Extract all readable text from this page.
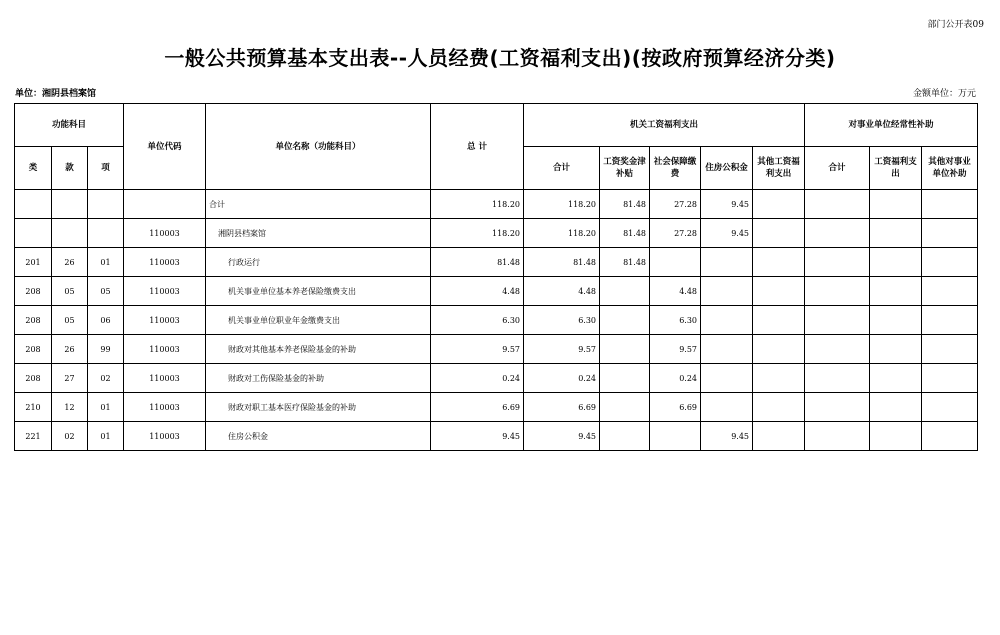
部门公开表09
一般公共预算基本支出表--人员经费(工资福利支出)(按政府预算经济分类)
单位：湘阴县档案馆	金额单位：万元
功能科目			单位代码	单位名称（功能科目）	总 计	机关工资福利支出					对事业单位经常性补助		
类	款	项				合计	工资奖金津补贴	社会保障缴费	住房公积金	其他工资福利支出	合计	工资福利支出	其他对事业单位补助
				合计	118.20	118.20	81.48	27.28	9.45				
			110003	湘阴县档案馆	118.20	118.20	81.48	27.28	9.45				
201	26	01	110003	行政运行	81.48	81.48	81.48						
208	05	05	110003	机关事业单位基本养老保险缴费支出	4.48	4.48		4.48					
208	05	06	110003	机关事业单位职业年金缴费支出	6.30	6.30		6.30					
208	26	99	110003	财政对其他基本养老保险基金的补助	9.57	9.57		9.57					
208	27	02	110003	财政对工伤保险基金的补助	0.24	0.24		0.24					
210	12	01	110003	财政对职工基本医疗保险基金的补助	6.69	6.69		6.69					
221	02	01	110003	住房公积金	9.45	9.45			9.45				
